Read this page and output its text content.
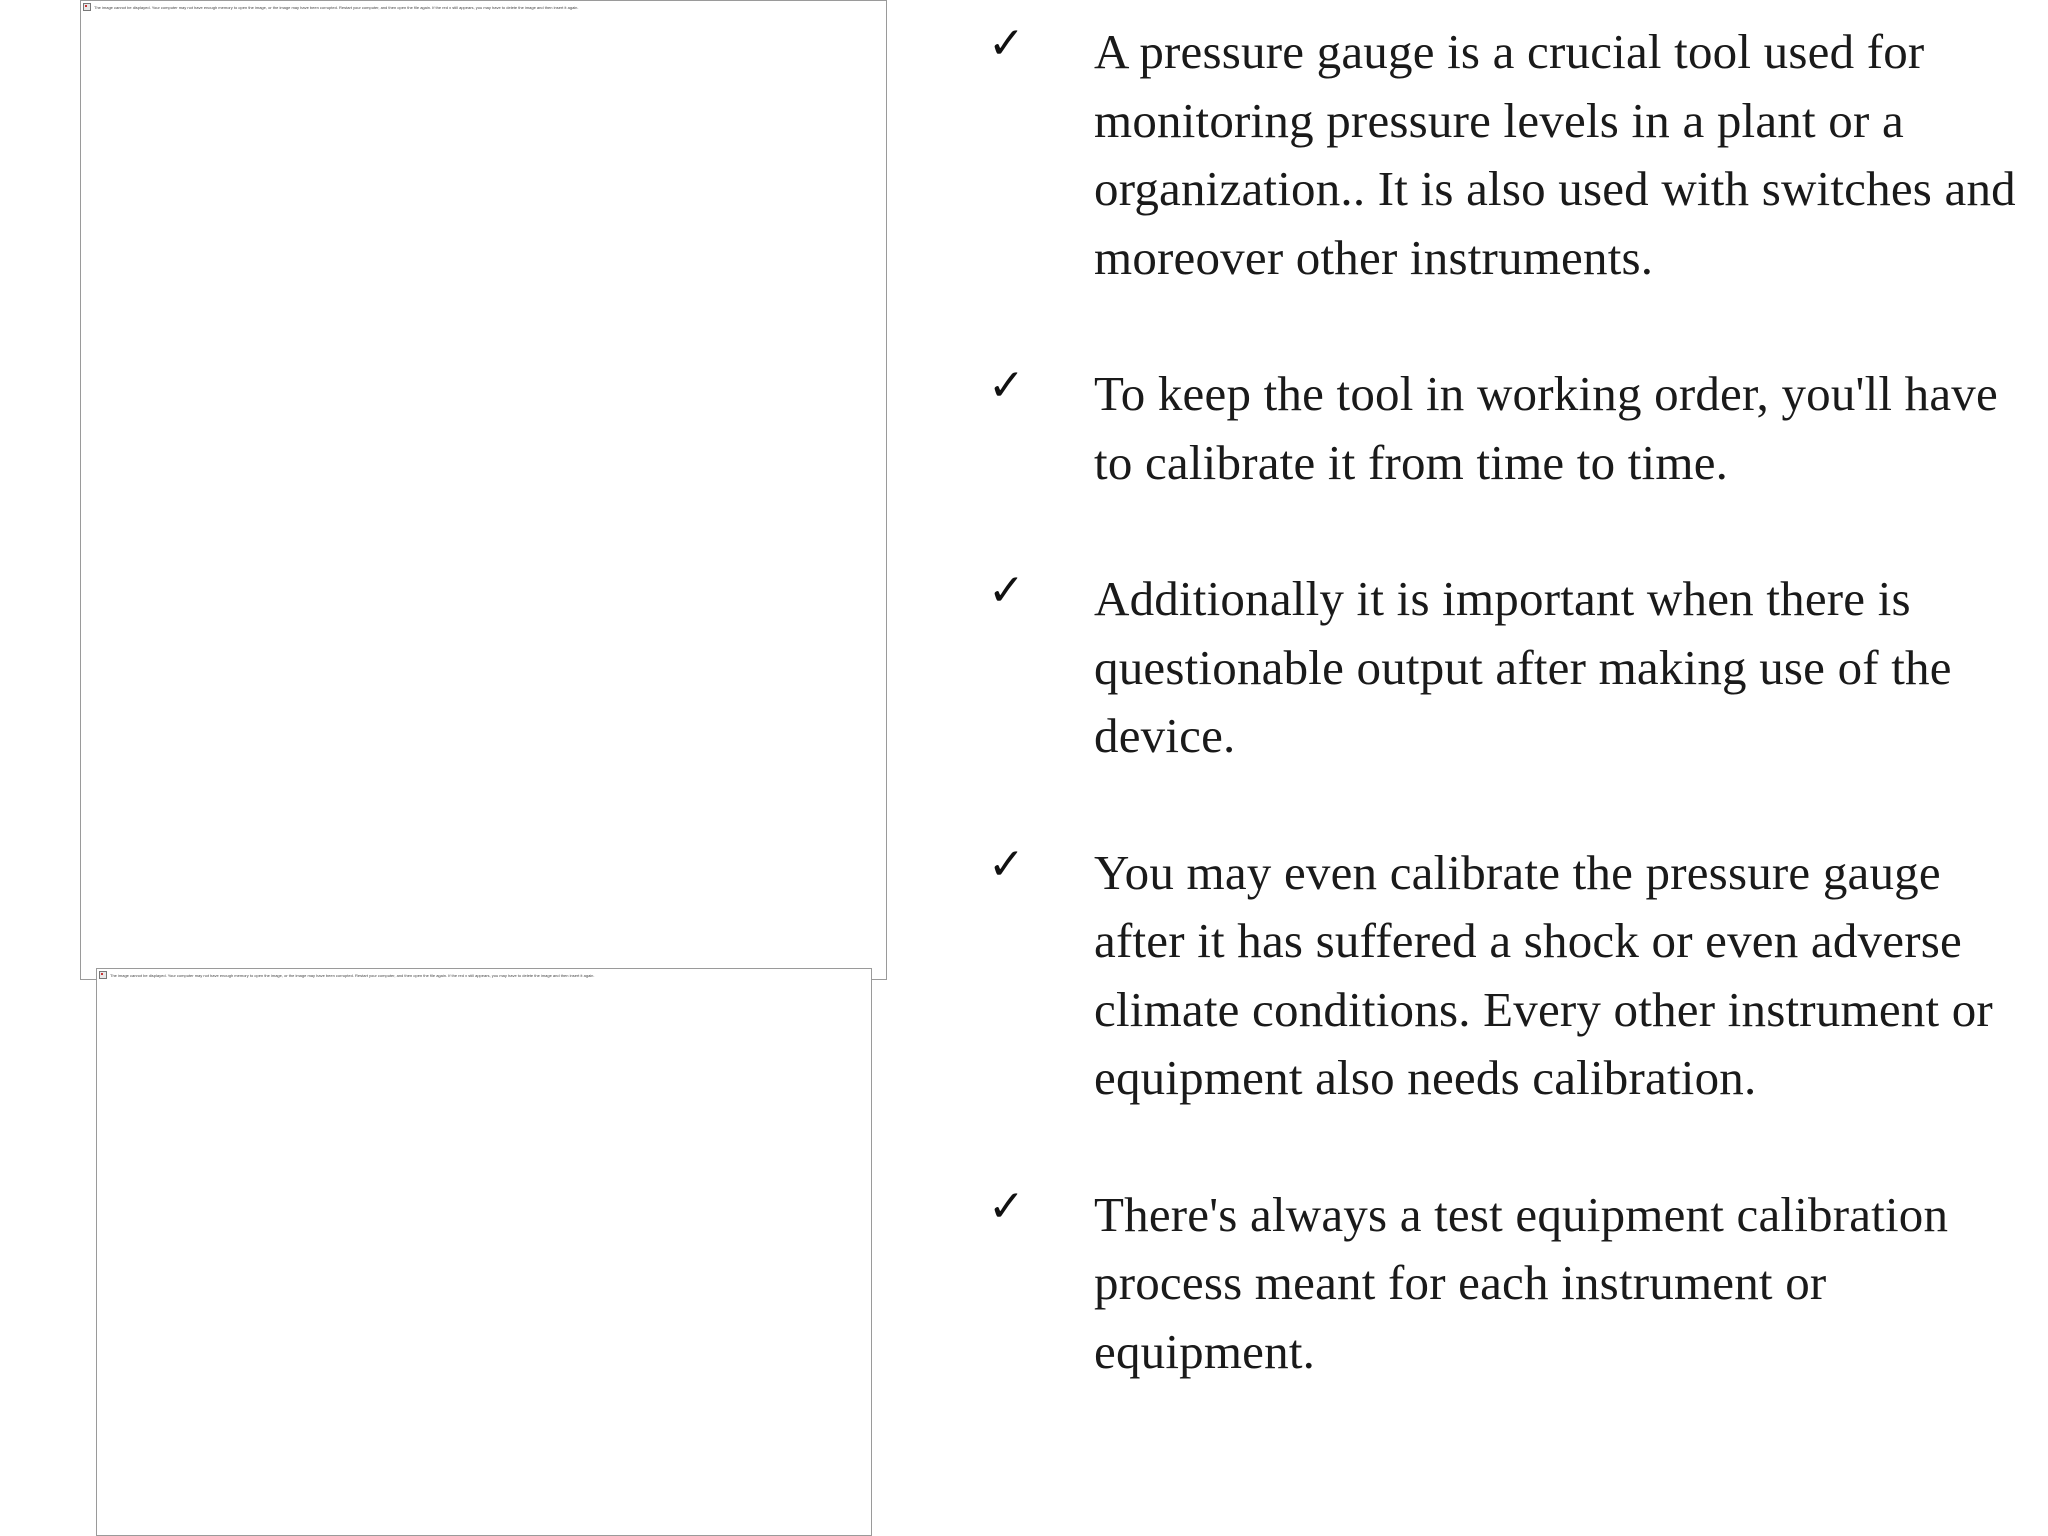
The image cannot be displayed. Your computer may not have enough memory to open the image, or the image may have been corrupted. Restart your computer, and then open the file again. If the red x still appears, you may have to delete the image and then insert it again.
The image cannot be displayed. Your computer may not have enough memory to open the image, or the image may have been corrupted. Restart your computer, and then open the file again. If the red x still appears, you may have to delete the image and then insert it again.
✓ A pressure gauge is a crucial tool used for monitoring pressure levels in a plant or a organization.. It is also used with switches and moreover other instruments.
✓ To keep the tool in working order, you'll have to calibrate it from time to time.
✓ Additionally it is important when there is questionable output after making use of the device.
✓ You may even calibrate the pressure gauge after it has suffered a shock or even adverse climate conditions. Every other instrument or equipment also needs calibration.
✓ There's always a test equipment calibration process meant for each instrument or equipment.
